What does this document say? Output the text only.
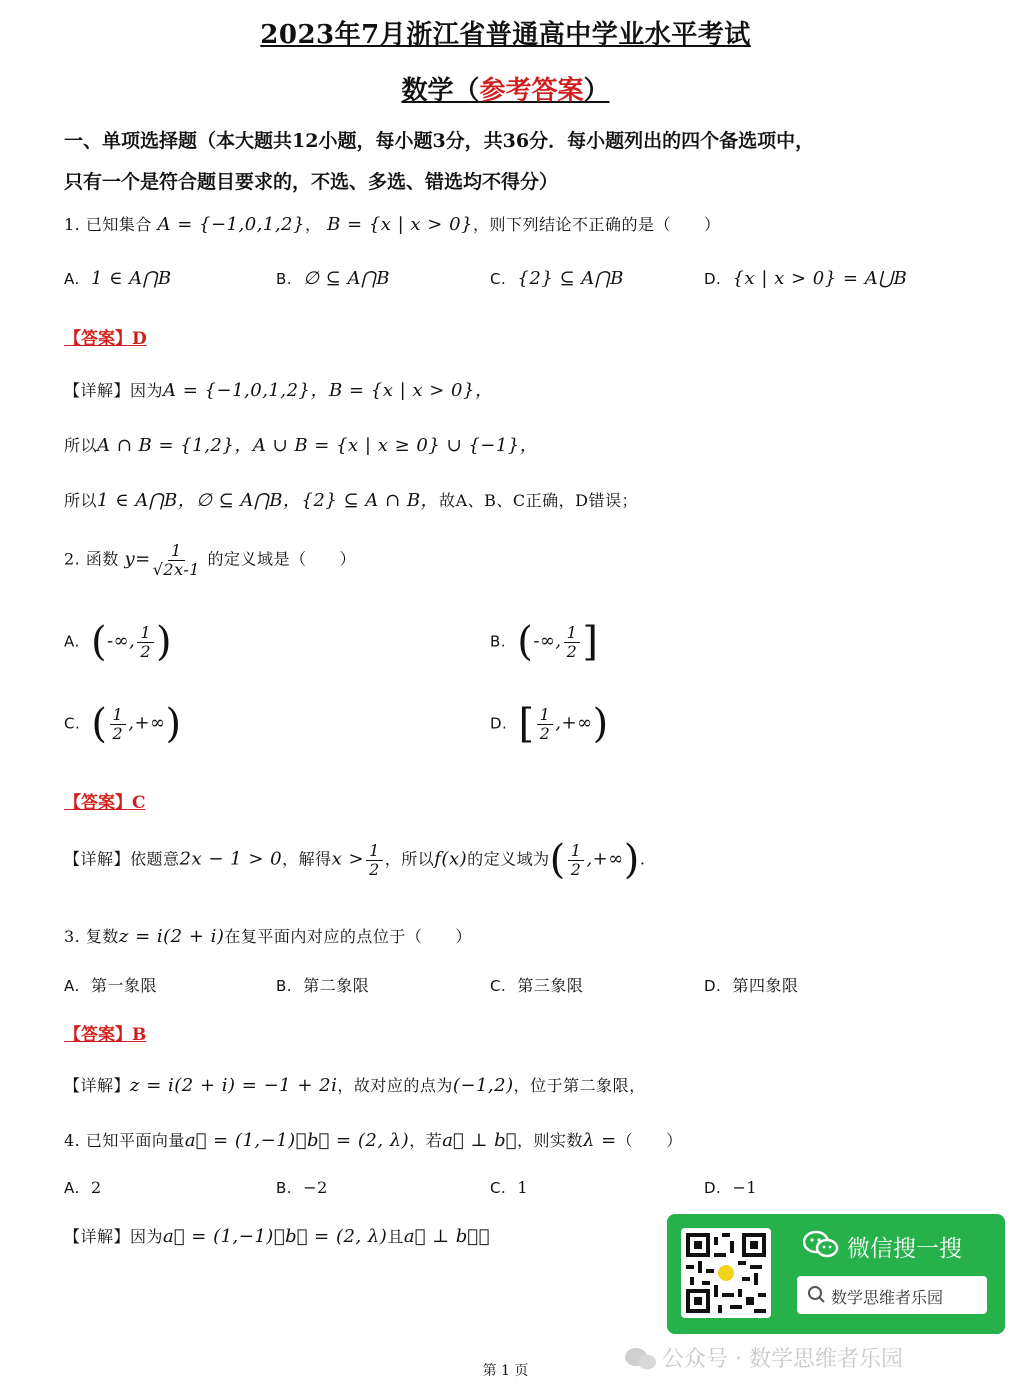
2023年7月浙江省普通高中学业水平考试
数学（参考答案）
一、单项选择题（本大题共12小题，每小题3分，共36分．每小题列出的四个备选项中，
只有一个是符合题目要求的，不选、多选、错选均不得分）
1. 已知集合 A = {−1,0,1,2}， B = {x | x > 0}，则下列结论不正确的是（　　）
A. 1 ∈ A⋂B	B. ∅ ⊆ A⋂B	C. {2} ⊆ A⋂B	D. {x | x > 0} = A⋃B
【答案】D
【详解】因为A = {−1,0,1,2}，B = {x | x > 0}，
所以A ∩ B = {1,2}，A ∪ B = {x | x ≥ 0} ∪ {−1}，
所以1 ∈ A⋂B，∅ ⊆ A⋂B，{2} ⊆ A ∩ B，故A、B、C正确，D错误；
2. 函数 $y= \frac{1}{√2x-1}$ 的定义域是（　　）
A. (-∞, $\frac{1}{2}$ )	B. (-∞, $\frac{1}{2}$ ]
C. ( $\frac{1}{2}$ ,+∞)	D. [ $\frac{1}{2}$ ,+∞)
【答案】C
【详解】依题意2x − 1 > 0，解得$x > \frac{1}{2}$ ，所以f(x)的定义域为( $\frac{1}{2}$ ,+∞).
3. 复数z = i(2 + i)在复平面内对应的点位于（　　）
A. 第一象限	B. 第二象限	C. 第三象限	D. 第四象限
【答案】B
【详解】z = i(2 + i) = −1 + 2i，故对应的点为(−1,2)，位于第二象限，
4. 已知平面向量a⃗ = (1,−1)，b⃗ = (2, λ)，若a⃗ ⊥ b⃗，则实数λ =（　　）
A. 2	B. −2	C. 1	D. −1
【详解】因为a⃗ = (1,−1)，b⃗ = (2, λ)且a⃗ ⊥ b⃗，	微信搜一搜
数学思维者乐园
公众号 · 数学思维者乐园
第 1 页
